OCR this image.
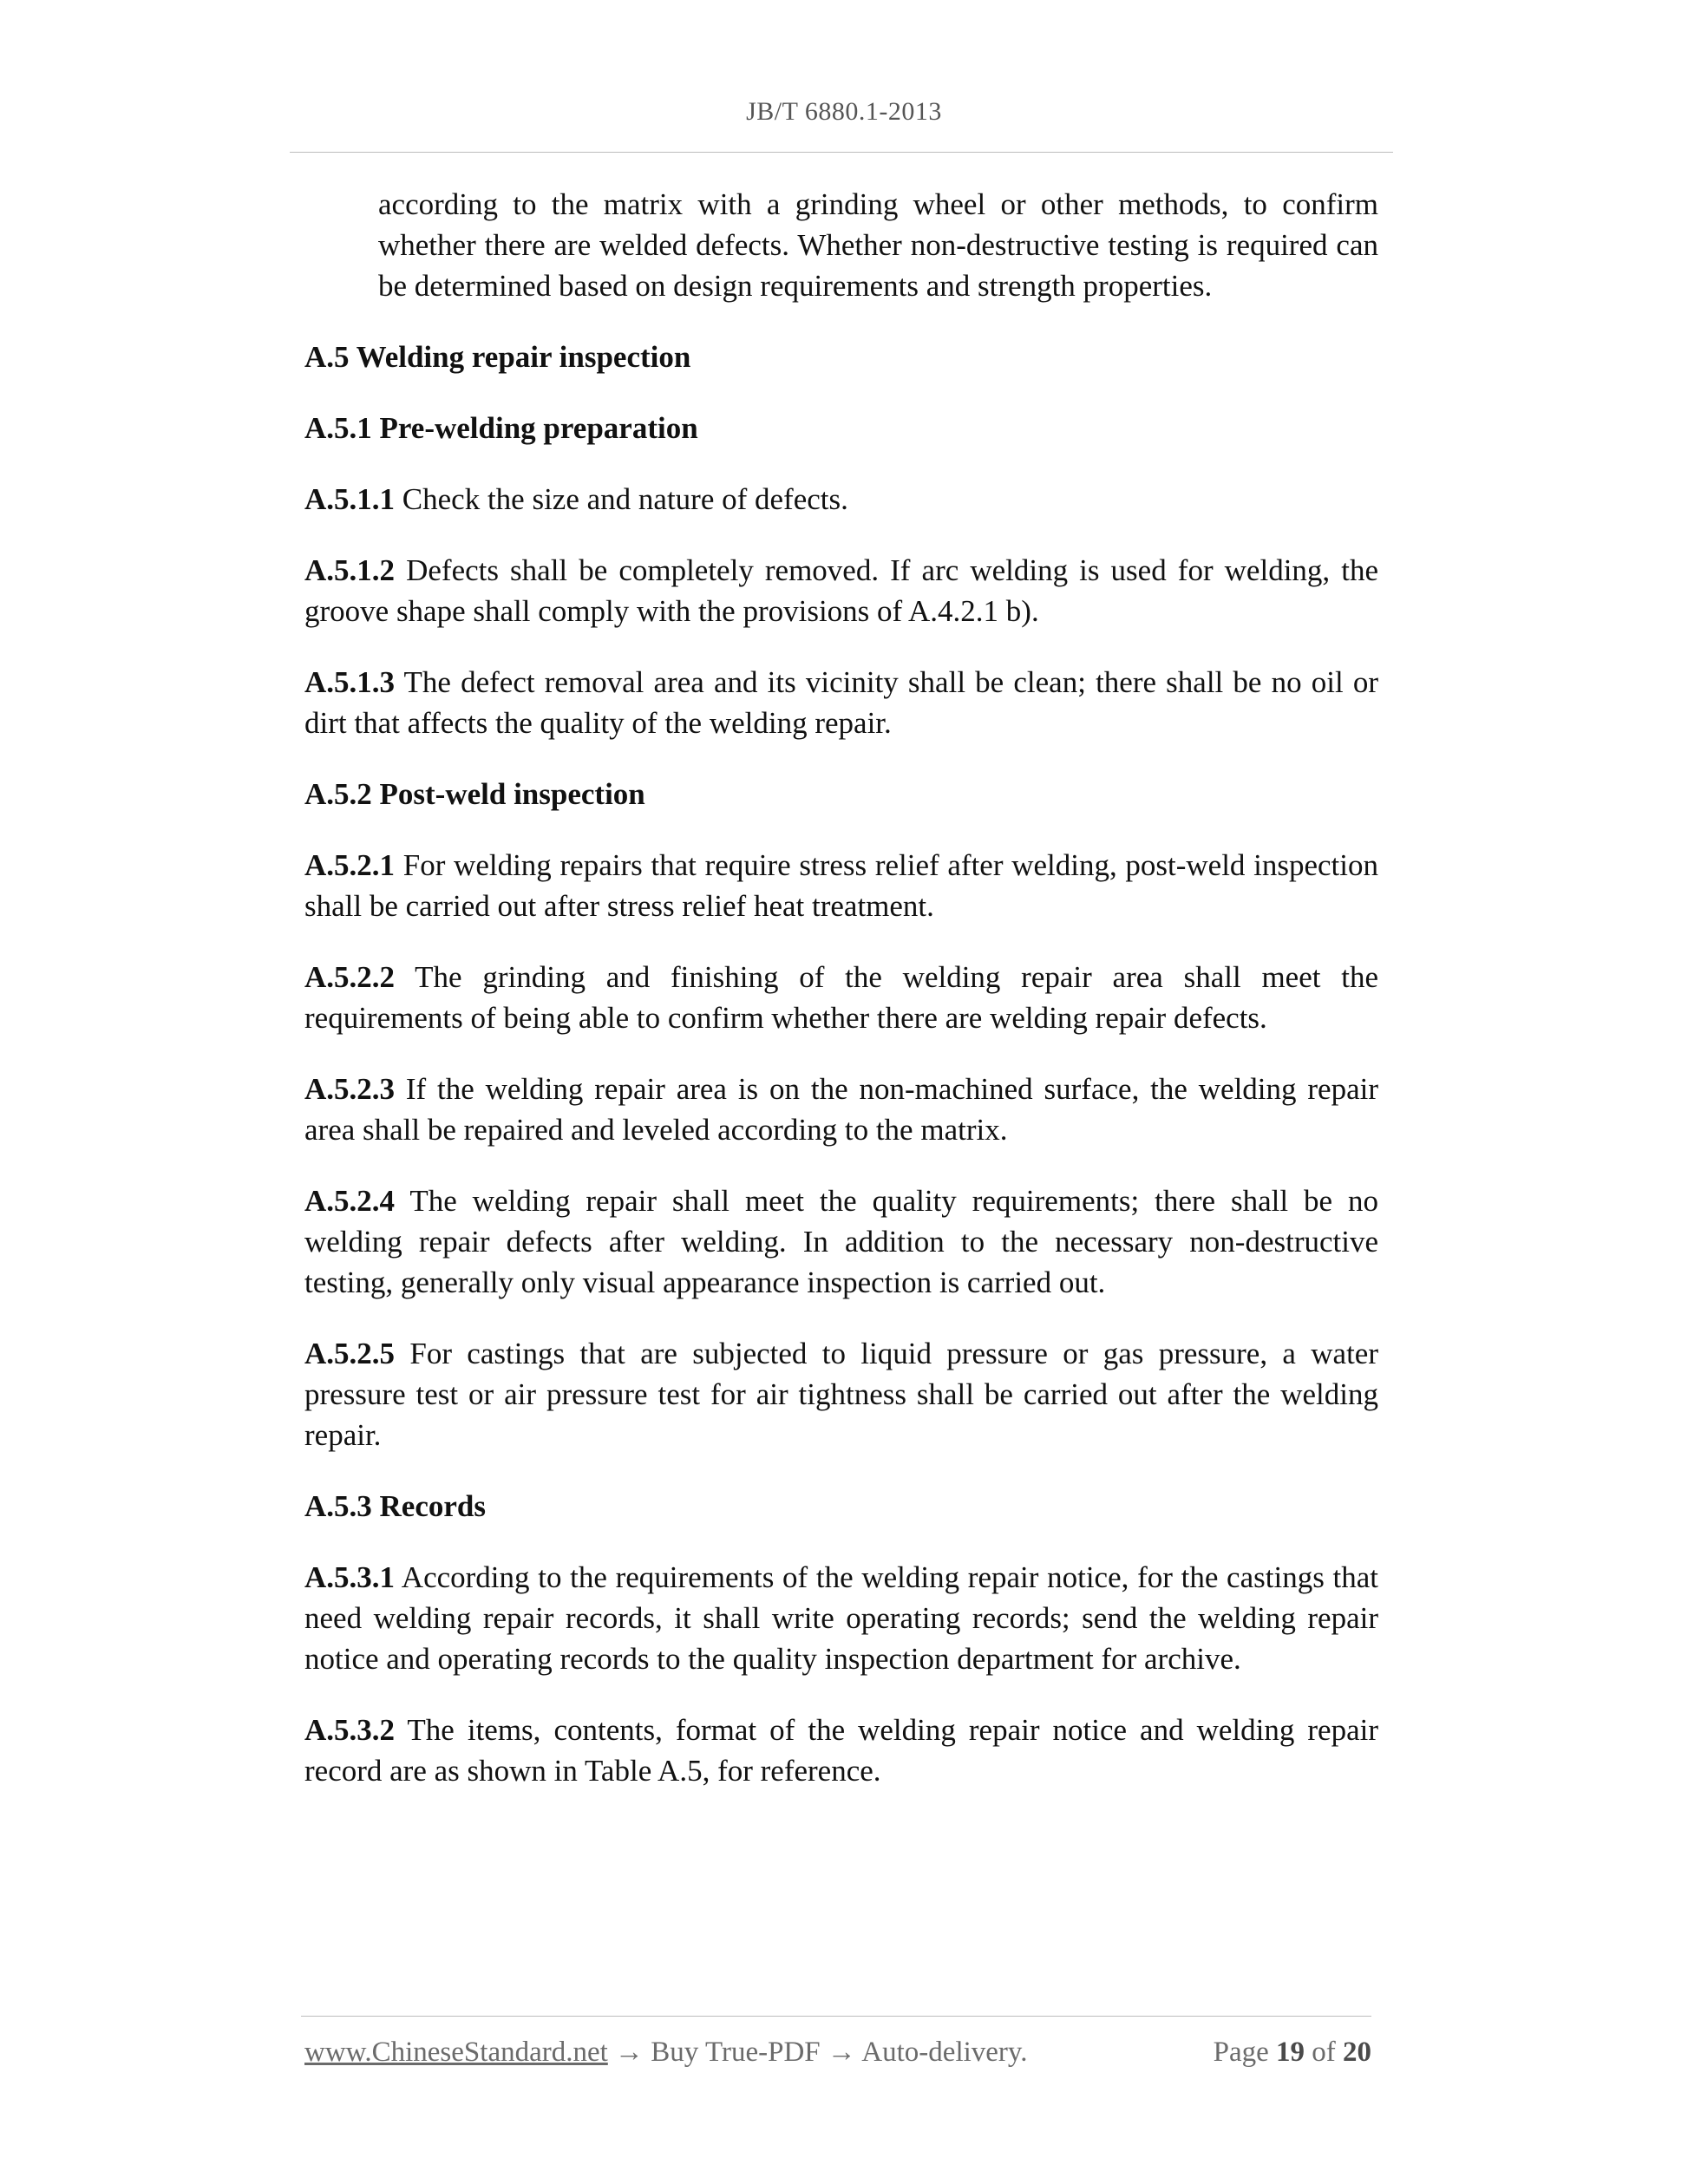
JB/T 6880.1-2013

according to the matrix with a grinding wheel or other methods, to confirm whether there are welded defects. Whether non-destructive testing is required can be determined based on design requirements and strength properties.

A.5 Welding repair inspection
A.5.1 Pre-welding preparation

A.5.1.1 Check the size and nature of defects.

A.5.1.2 Defects shall be completely removed. If arc welding is used for welding, the groove shape shall comply with the provisions of A.4.2.1 b).

A.5.1.3 The defect removal area and its vicinity shall be clean; there shall be no oil or dirt that affects the quality of the welding repair.

A.5.2 Post-weld inspection

A.5.2.1 For welding repairs that require stress relief after welding, post-weld inspection shall be carried out after stress relief heat treatment.

A.5.2.2 The grinding and finishing of the welding repair area shall meet the requirements of being able to confirm whether there are welding repair defects.

A.5.2.3 If the welding repair area is on the non-machined surface, the welding repair area shall be repaired and leveled according to the matrix.

A.5.2.4 The welding repair shall meet the quality requirements; there shall be no welding repair defects after welding. In addition to the necessary non-destructive testing, generally only visual appearance inspection is carried out.

A.5.2.5 For castings that are subjected to liquid pressure or gas pressure, a water pressure test or air pressure test for air tightness shall be carried out after the welding repair.

A.5.3 Records

A.5.3.1 According to the requirements of the welding repair notice, for the castings that need welding repair records, it shall write operating records; send the welding repair notice and operating records to the quality inspection department for archive.

A.5.3.2 The items, contents, format of the welding repair notice and welding repair record are as shown in Table A.5, for reference.

www.ChineseStandard.net → Buy True-PDF → Auto-delivery.	Page 19 of 20
